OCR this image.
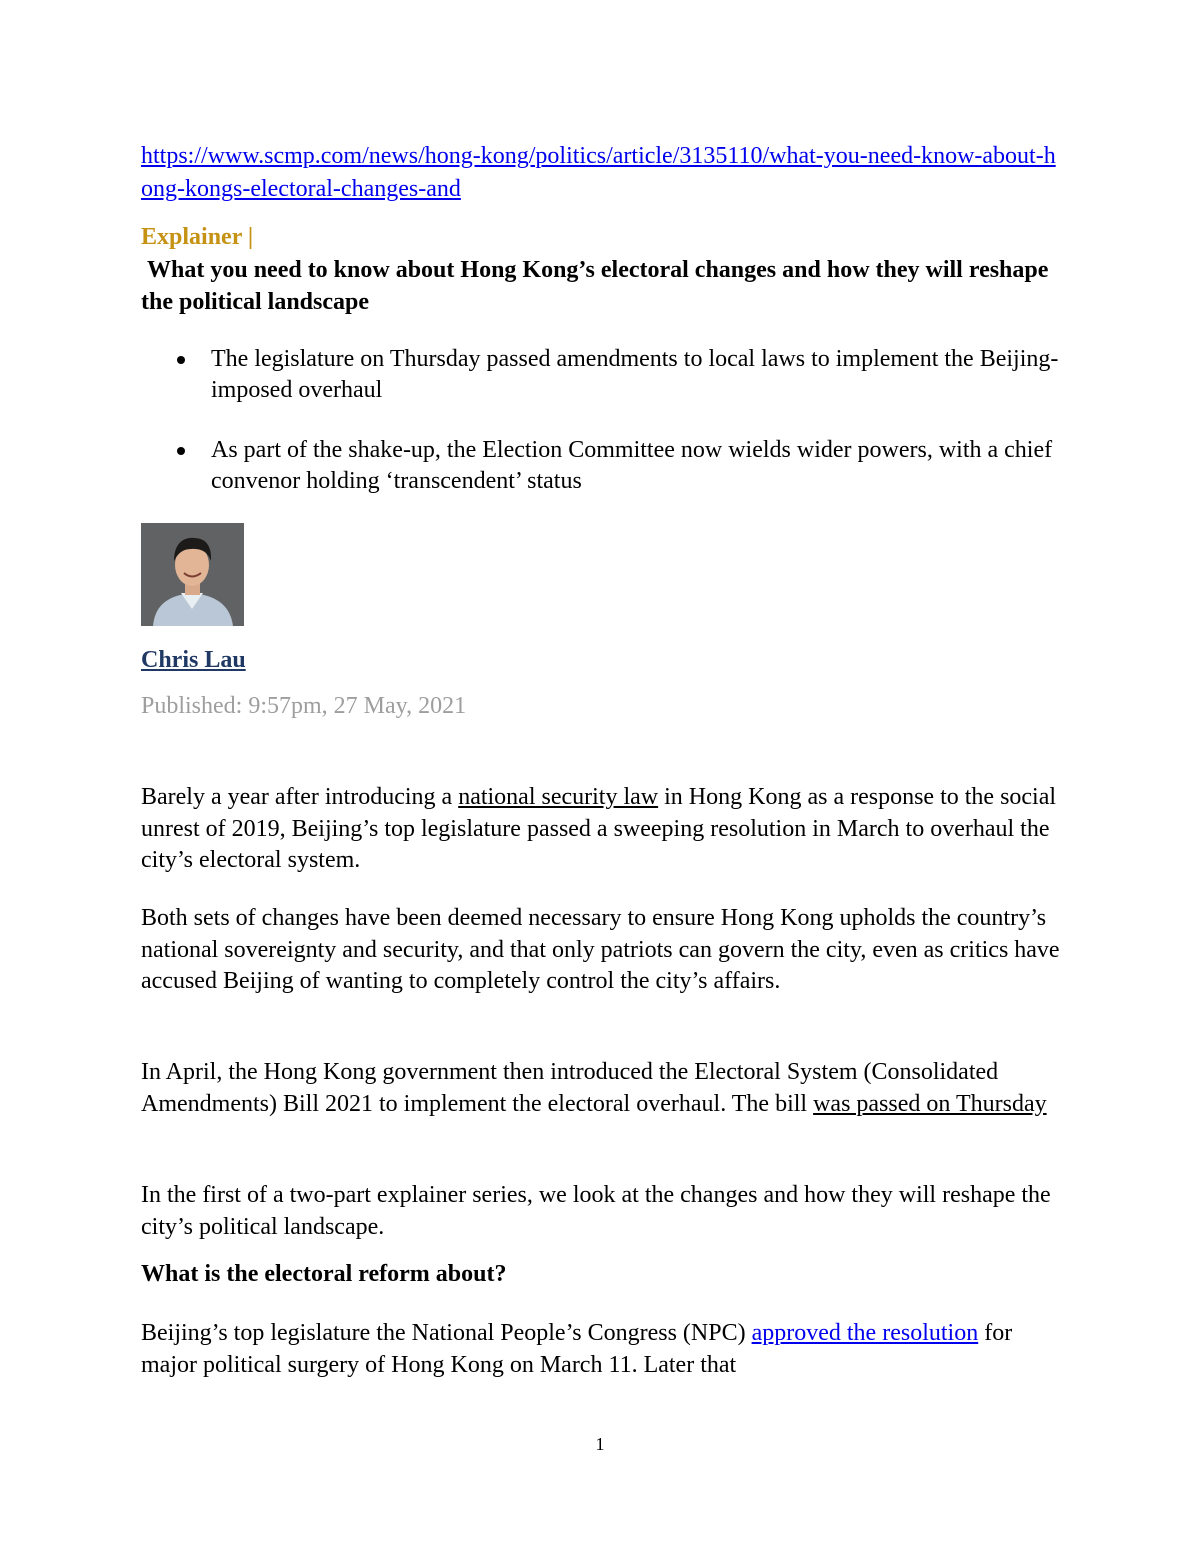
https://www.scmp.com/news/hong-kong/politics/article/3135110/what-you-need-know-about-hong-kongs-electoral-changes-and
Explainer |
What you need to know about Hong Kong’s electoral changes and how they will reshape the political landscape
The legislature on Thursday passed amendments to local laws to implement the Beijing-imposed overhaul
As part of the shake-up, the Election Committee now wields wider powers, with a chief convenor holding ‘transcendent’ status
Chris Lau
Published: 9:57pm, 27 May, 2021

Barely a year after introducing a national security law in Hong Kong as a response to the social unrest of 2019, Beijing’s top legislature passed a sweeping resolution in March to overhaul the city’s electoral system.

Both sets of changes have been deemed necessary to ensure Hong Kong upholds the country’s national sovereignty and security, and that only patriots can govern the city, even as critics have accused Beijing of wanting to completely control the city’s affairs.

In April, the Hong Kong government then introduced the Electoral System (Consolidated Amendments) Bill 2021 to implement the electoral overhaul. The bill was passed on Thursday

In the first of a two-part explainer series, we look at the changes and how they will reshape the city’s political landscape.

What is the electoral reform about?

Beijing’s top legislature the National People’s Congress (NPC) approved the resolution for major political surgery of Hong Kong on March 11. Later that

1
